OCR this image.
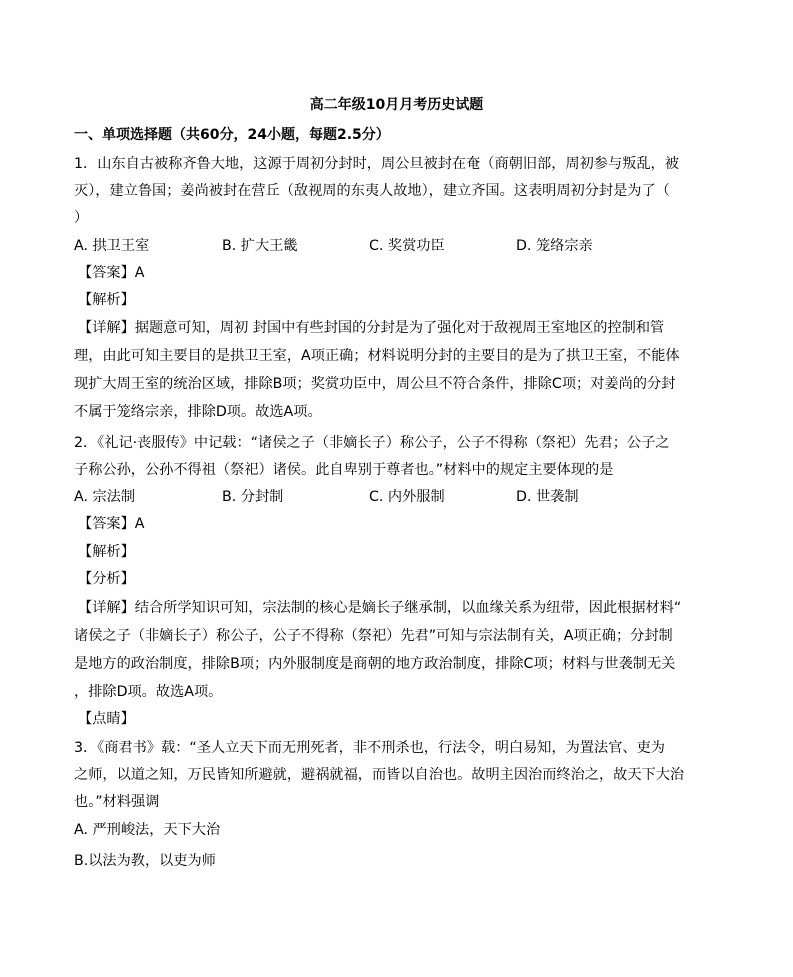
高二年级10月月考历史试题
一、单项选择题（共60分，24小题，每题2.5分）
1．山东自古被称齐鲁大地，这源于周初分封时，周公旦被封在奄（商朝旧部，周初参与叛乱，被
灭），建立鲁国；姜尚被封在营丘（敌视周的东夷人故地），建立齐国。这表明周初分封是为了（
）
A. 拱卫王室	B. 扩大王畿	C. 奖赏功臣	D. 笼络宗亲
【答案】A
【解析】
【详解】据题意可知，周初 封国中有些封国的分封是为了强化对于敌视周王室地区的控制和管
理，由此可知主要目的是拱卫王室，A项正确；材料说明分封的主要目的是为了拱卫王室，不能体
现扩大周王室的统治区域，排除B项；奖赏功臣中，周公旦不符合条件，排除C项；对姜尚的分封
不属于笼络宗亲，排除D项。故选A项。
2．《礼记·丧服传》中记载：“诸侯之子（非嫡长子）称公子，公子不得称（祭祀）先君；公子之
子称公孙，公孙不得祖（祭祀）诸侯。此自卑别于尊者也。”材料中的规定主要体现的是
A. 宗法制	B. 分封制	C. 内外服制	D. 世袭制
【答案】A
【解析】
【分析】
【详解】结合所学知识可知，宗法制的核心是嫡长子继承制，以血缘关系为纽带，因此根据材料“
诸侯之子（非嫡长子）称公子，公子不得称（祭祀）先君”可知与宗法制有关，A项正确；分封制
是地方的政治制度，排除B项；内外服制度是商朝的地方政治制度，排除C项；材料与世袭制无关
，排除D项。故选A项。
【点睛】
3．《商君书》载：“圣人立天下而无刑死者，非不刑杀也，行法令，明白易知，为置法官、吏为
之师，以道之知，万民皆知所避就，避祸就福，而皆以自治也。故明主因治而终治之，故天下大治
也。”材料强调
A. 严刑峻法，天下大治
B.以法为教，以吏为师
